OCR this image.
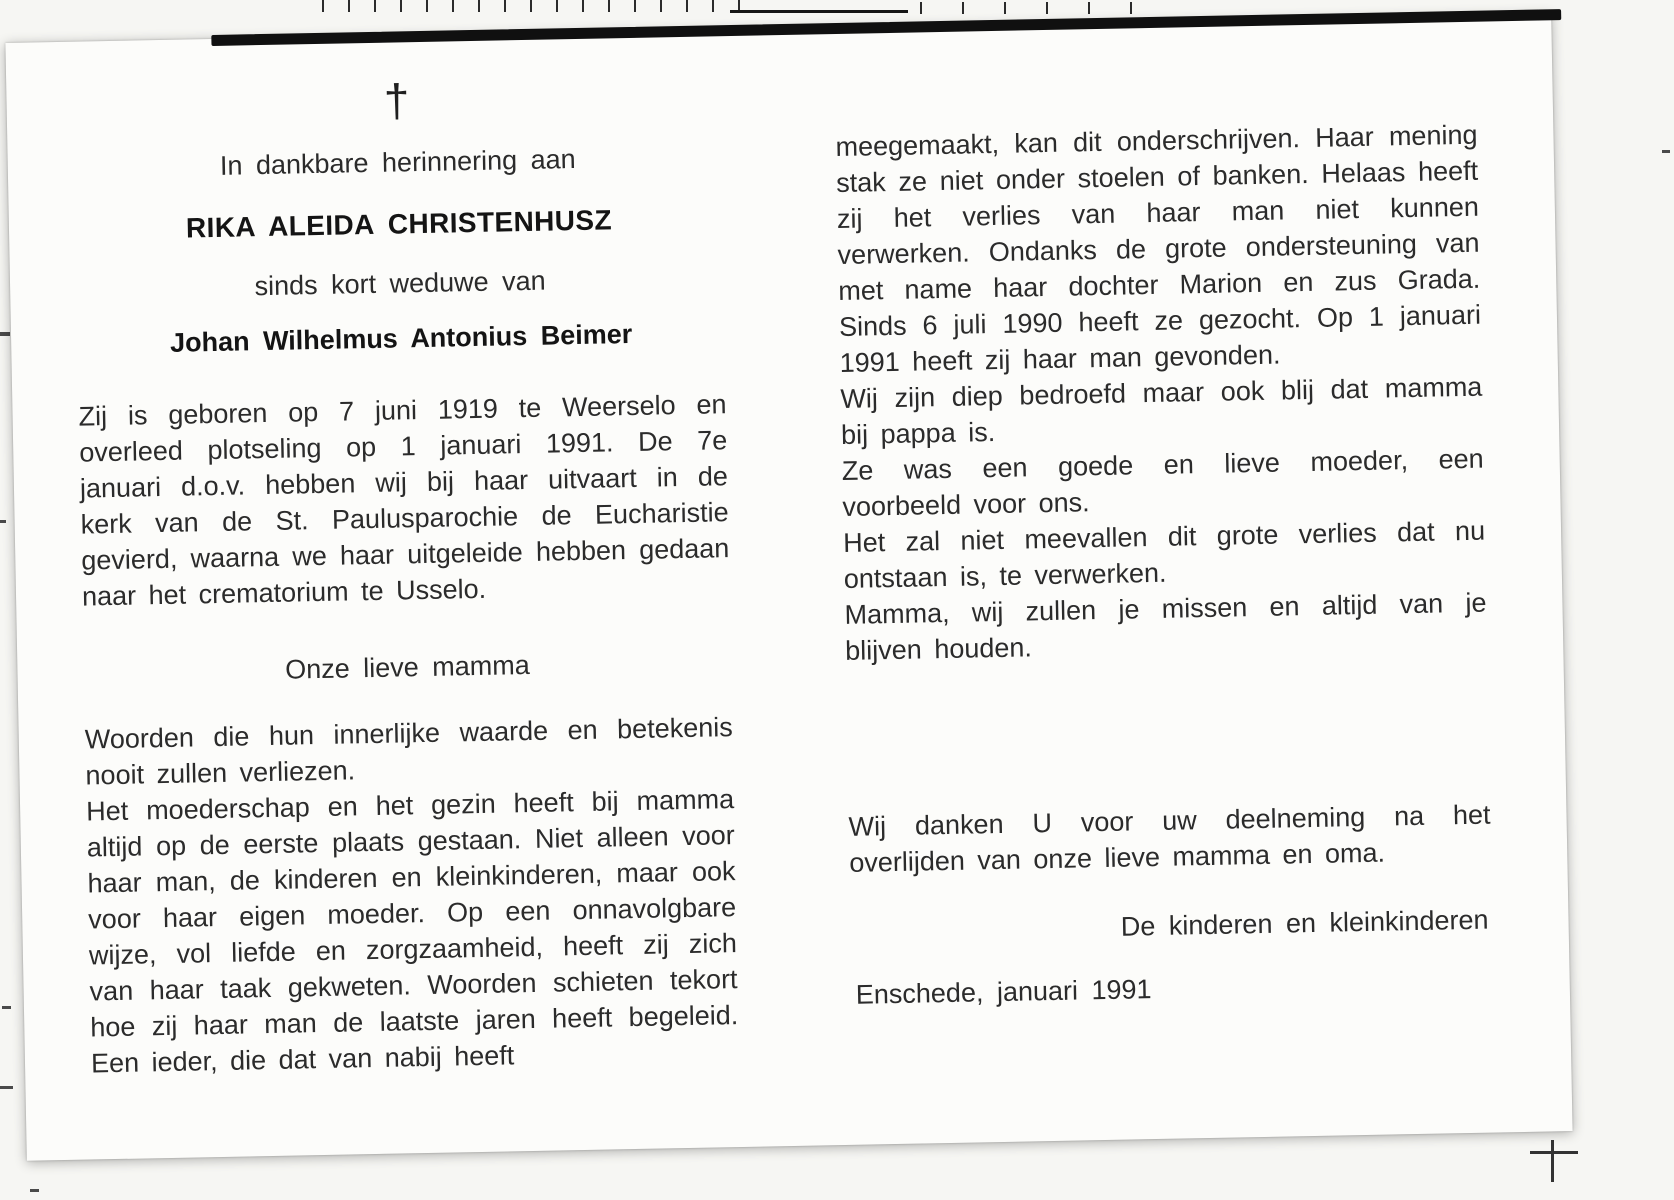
†
In dankbare herinnering aan
RIKA ALEIDA CHRISTENHUSZ
sinds kort weduwe van
Johan Wilhelmus Antonius Beimer

Zij is geboren op 7 juni 1919 te Weerselo en overleed plotseling op 1 januari 1991. De 7e januari d.o.v. hebben wij bij haar uitvaart in de kerk van de St. Paulusparochie de Eucharistie gevierd, waarna we haar uitgeleide hebben gedaan naar het crematorium te Usselo.

Onze lieve mamma

Woorden die hun innerlijke waarde en betekenis nooit zullen verliezen.

Het moederschap en het gezin heeft bij mamma altijd op de eerste plaats gestaan. Niet alleen voor haar man, de kinderen en kleinkinderen, maar ook voor haar eigen moeder. Op een onnavolgbare wijze, vol liefde en zorgzaamheid, heeft zij zich van haar taak gekweten. Woorden schieten tekort hoe zij haar man de laatste jaren heeft begeleid. Een ieder, die dat van nabij heeft

meegemaakt, kan dit onderschrijven. Haar mening stak ze niet onder stoelen of banken. Helaas heeft zij het verlies van haar man niet kunnen verwerken. Ondanks de grote ondersteuning van met name haar dochter Marion en zus Grada. Sinds 6 juli 1990 heeft ze gezocht. Op 1 januari 1991 heeft zij haar man gevonden.

Wij zijn diep bedroefd maar ook blij dat mamma bij pappa is.

Ze was een goede en lieve moeder, een voorbeeld voor ons.

Het zal niet meevallen dit grote verlies dat nu ontstaan is, te verwerken.

Mamma, wij zullen je missen en altijd van je blijven houden.

Wij danken U voor uw deelneming na het overlijden van onze lieve mamma en oma.

De kinderen en kleinkinderen
Enschede, januari 1991
